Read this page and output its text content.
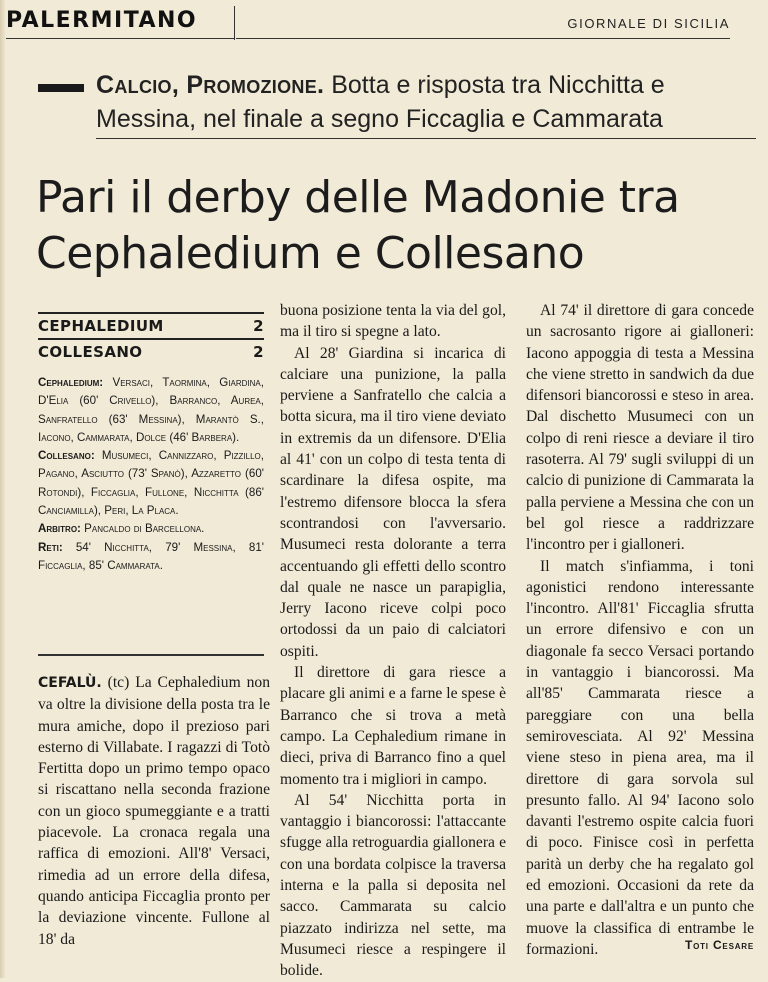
PALERMITANO	GIORNALE DI SICILIA
Calcio, Promozione. Botta e risposta tra Nicchitta e Messina, nel finale a segno Ficcaglia e Cammarata
Pari il derby delle Madonie tra Cephaledium e Collesano
CEPHALEDIUM	2
COLLESANO	2
Cephaledium: Versaci, Taormina, Giardina, D'Elia (60' Crivello), Barranco, Aurea, Sanfratello (63' Messina), Marantò S., Iacono, Cammarata, Dolce (46' Barbera).
Collesano: Musumeci, Cannizzaro, Pizzillo, Pagano, Asciutto (73' Spanò), Azzaretto (60' Rotondi), Ficcaglia, Fullone, Nicchitta (86' Canciamilla), Peri, La Placa.
Arbitro: Pancaldo di Barcellona.
Reti: 54' Nicchitta, 79' Messina, 81' Ficcaglia, 85' Cammarata.

CEFALÙ. (tc) La Cephaledium non va oltre la divisione della posta tra le mura amiche, dopo il prezioso pari esterno di Villabate. I ragazzi di Totò Fertitta dopo un primo tempo opaco si riscattano nella seconda frazione con un gioco spumeggiante e a tratti piacevole. La cronaca regala una raffica di emozioni. All'8' Versaci, rimedia ad un errore della difesa, quando anticipa Ficcaglia pronto per la deviazione vincente. Fullone al 18' da

buona posizione tenta la via del gol, ma il tiro si spegne a lato.

Al 28' Giardina si incarica di calciare una punizione, la palla perviene a Sanfratello che calcia a botta sicura, ma il tiro viene deviato in extremis da un difensore. D'Elia al 41' con un colpo di testa tenta di scardinare la difesa ospite, ma l'estremo difensore blocca la sfera scontrandosi con l'avversario. Musumeci resta dolorante a terra accentuando gli effetti dello scontro dal quale ne nasce un parapiglia, Jerry Iacono riceve colpi poco ortodossi da un paio di calciatori ospiti.

Il direttore di gara riesce a placare gli animi e a farne le spese è Barranco che si trova a metà campo. La Cephaledium rimane in dieci, priva di Barranco fino a quel momento tra i migliori in campo.

Al 54' Nicchitta porta in vantaggio i biancorossi: l'attaccante sfugge alla retroguardia giallonera e con una bordata colpisce la traversa interna e la palla si deposita nel sacco. Cammarata su calcio piazzato indirizza nel sette, ma Musumeci riesce a respingere il bolide.

Al 74' il direttore di gara concede un sacrosanto rigore ai gialloneri: Iacono appoggia di testa a Messina che viene stretto in sandwich da due difensori biancorossi e steso in area. Dal dischetto Musumeci con un colpo di reni riesce a deviare il tiro rasoterra. Al 79' sugli sviluppi di un calcio di punizione di Cammarata la palla perviene a Messina che con un bel gol riesce a raddrizzare l'incontro per i gialloneri.

Il match s'infiamma, i toni agonistici rendono interessante l'incontro. All'81' Ficcaglia sfrutta un errore difensivo e con un diagonale fa secco Versaci portando in vantaggio i biancorossi. Ma all'85' Cammarata riesce a pareggiare con una bella semirovesciata. Al 92' Messina viene steso in piena area, ma il direttore di gara sorvola sul presunto fallo. Al 94' Iacono solo davanti l'estremo ospite calcia fuori di poco. Finisce così in perfetta parità un derby che ha regalato gol ed emozioni. Occasioni da rete da una parte e dall'altra e un punto che muove la classifica di entrambe le formazioni.	Toti Cesare
